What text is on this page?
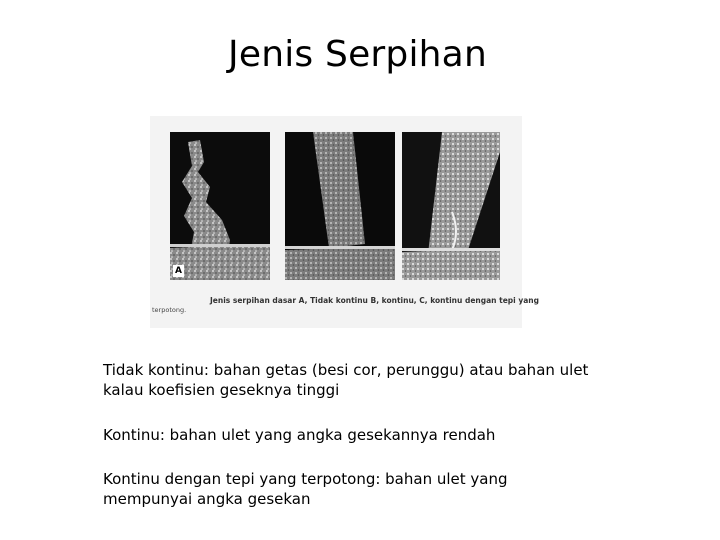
Jenis Serpihan
A
Jenis serpihan dasar A, Tidak kontinu B, kontinu, C, kontinu dengan tepi yang
terpotong.
Tidak kontinu: bahan getas (besi cor, perunggu) atau bahan ulet kalau koefisien geseknya tinggi
Kontinu: bahan ulet yang angka gesekannya rendah
Kontinu dengan tepi yang terpotong: bahan ulet yang mempunyai angka gesekan
